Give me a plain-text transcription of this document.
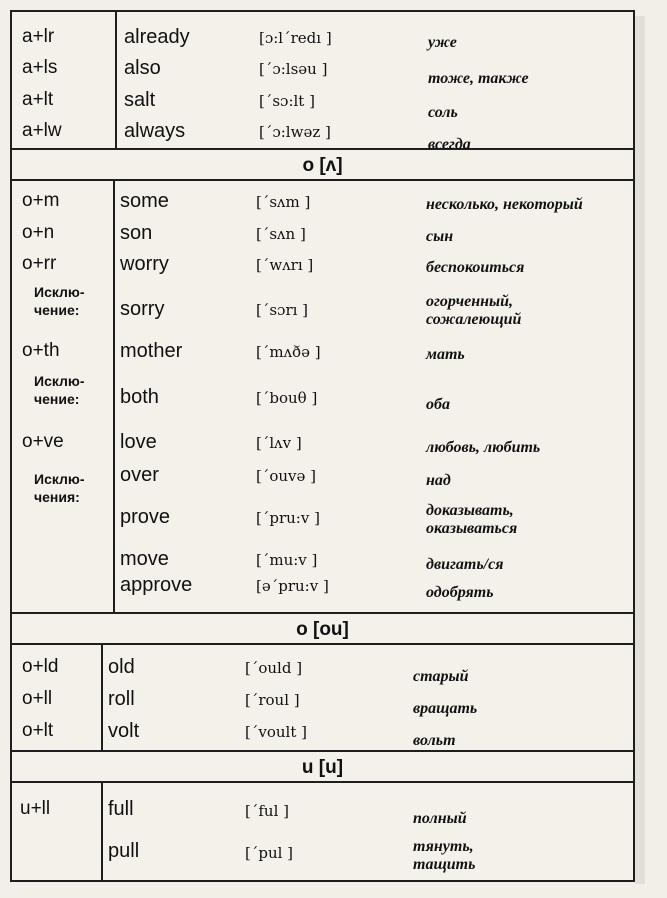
a+lr
a+ls
a+lt
a+lw
already
also
salt
always
[ɔ:lˊredı ]
[ˊɔ:lsəu ]
[ˊsɔ:lt ]
[ˊɔ:lwəz ]
уже
тоже, также
соль
всегда
о [ʌ]
o+m
o+n
o+rr
Исклю-
чение:
o+th
Исклю-
чение:
o+ve
Исклю-
чения:
some
son
worry
sorry
mother
both
love
over
prove
move
approve
[ˊsʌm ]
[ˊsʌn ]
[ˊwʌrı ]
[ˊsɔrı ]
[ˊmʌðə ]
[ˊbouθ ]
[ˊlʌv ]
[ˊouvə ]
[ˊpru:v ]
[ˊmu:v ]
[əˊpru:v ]
несколько, некоторый
сын
беспокоиться
огорченный,
сожалеющий
мать
оба
любовь, любить
над
доказывать,
оказываться
двигать/ся
одобрять
о [ou]
o+ld
o+ll
o+lt
old
roll
volt
[ˊould ]
[ˊroul ]
[ˊvoult ]
старый
вращать
вольт
u [u]
u+ll	full
pull
[ˊful ]
[ˊpul ]
полный
тянуть,
тащить
